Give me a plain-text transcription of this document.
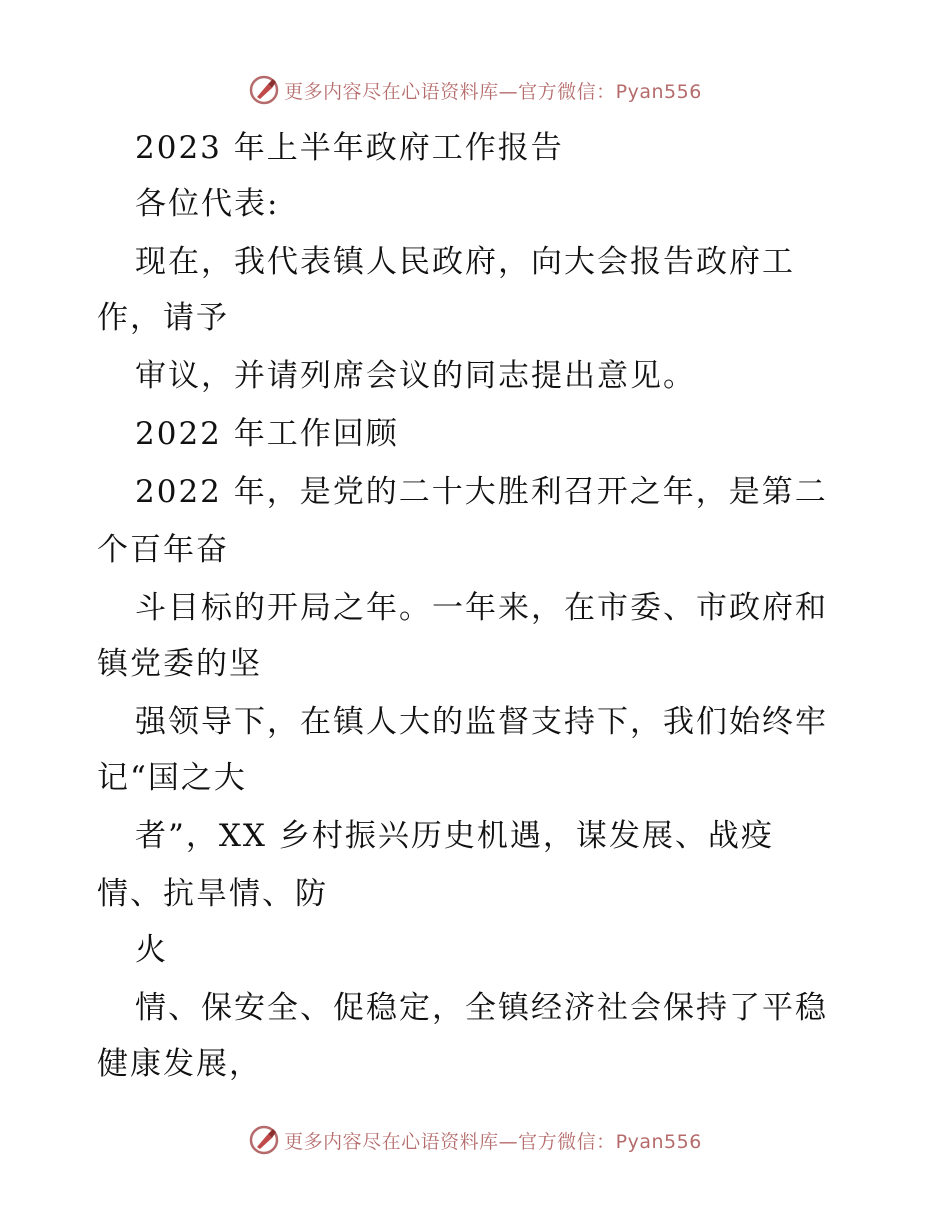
更多内容尽在心语资料库—官方微信：Pyan556
2023 年上半年政府工作报告
各位代表:
现在，我代表镇人民政府，向大会报告政府工
作，请予
审议，并请列席会议的同志提出意见。
2022 年工作回顾
2022 年，是党的二十大胜利召开之年，是第二
个百年奋
斗目标的开局之年。一年来，在市委、市政府和
镇党委的坚
强领导下，在镇人大的监督支持下，我们始终牢
记“国之大
者”，XX 乡村振兴历史机遇，谋发展、战疫
情、抗旱情、防
火
情、保安全、促稳定，全镇经济社会保持了平稳
健康发展，
更多内容尽在心语资料库—官方微信：Pyan556
